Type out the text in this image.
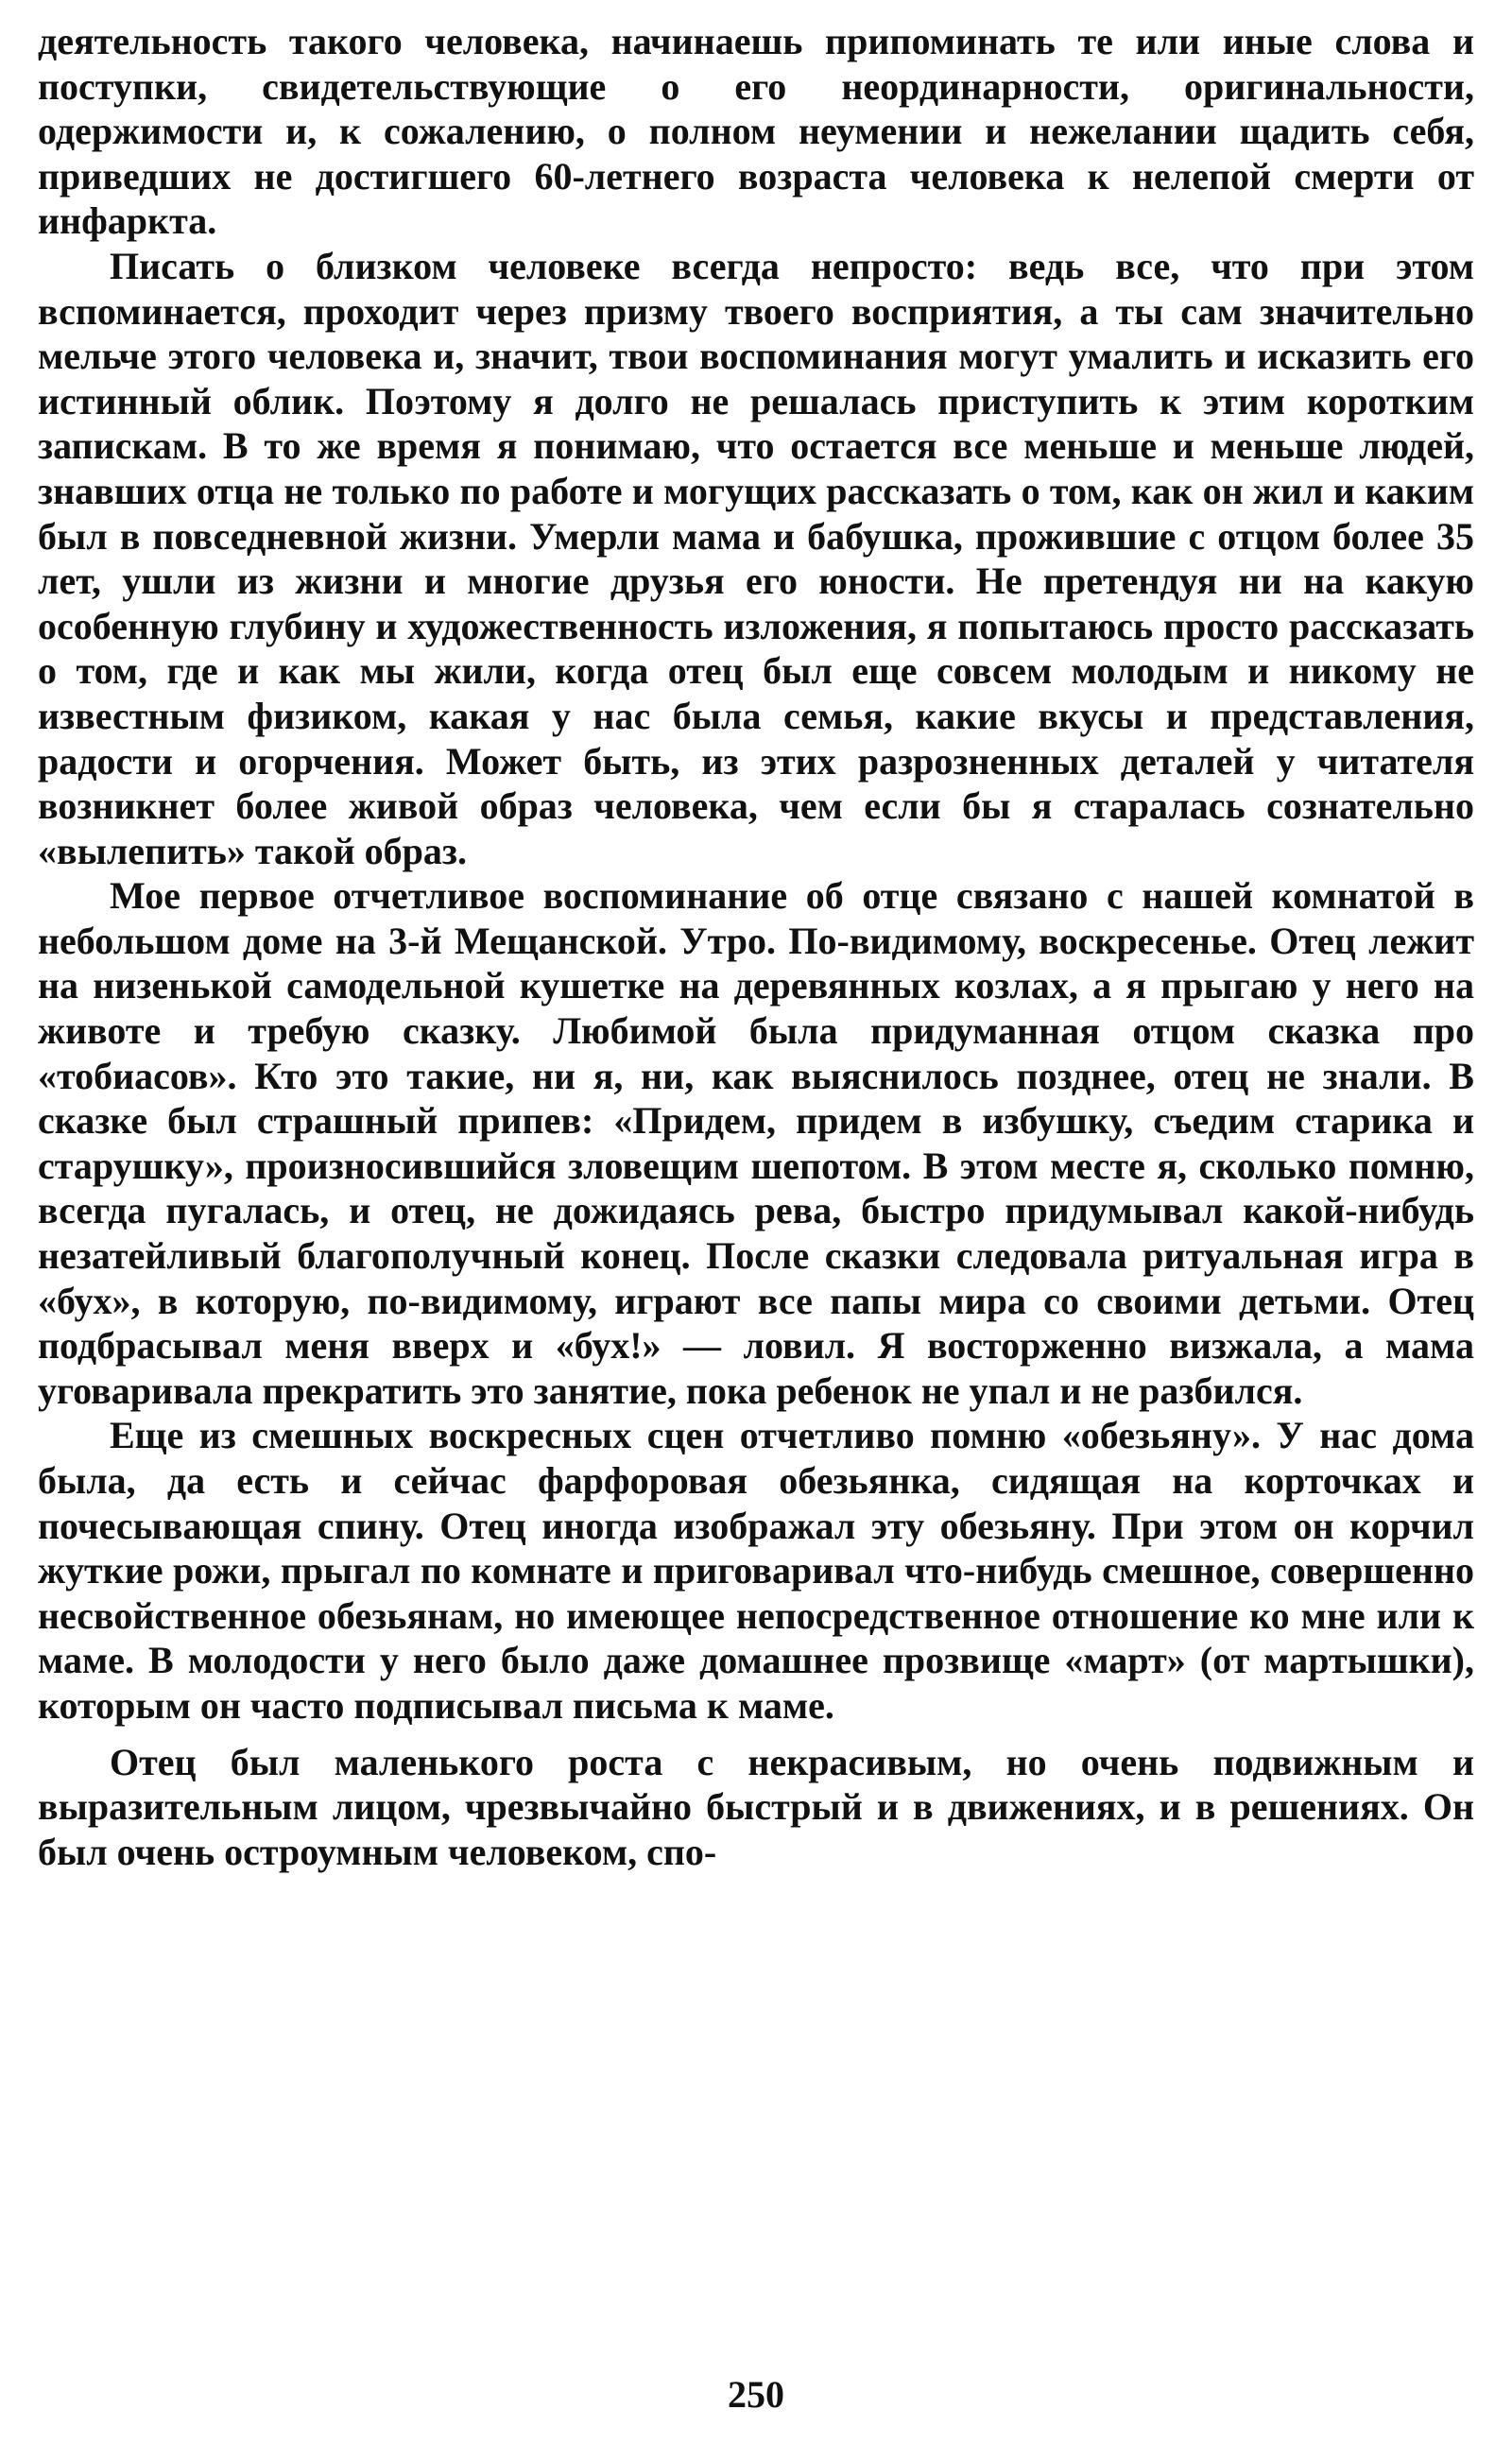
деятельность такого человека, начинаешь припоминать те или иные слова и поступки, свидетельствующие о его неординарности, оригинальности, одержимости и, к сожалению, о полном неумении и нежелании щадить себя, приведших не достигшего 60-летнего возраста человека к нелепой смерти от инфаркта.

Писать о близком человеке всегда непросто: ведь все, что при этом вспоминается, проходит через призму твоего восприятия, а ты сам значительно мельче этого человека и, значит, твои воспоминания могут умалить и исказить его истинный облик. Поэтому я долго не решалась приступить к этим коротким запискам. В то же время я понимаю, что остается все меньше и меньше людей, знавших отца не только по работе и могущих рассказать о том, как он жил и каким был в повседневной жизни. Умерли мама и бабушка, прожившие с отцом более 35 лет, ушли из жизни и многие друзья его юности. Не претендуя ни на какую особенную глубину и художественность изложения, я попытаюсь просто рассказать о том, где и как мы жили, когда отец был еще совсем молодым и никому не известным физиком, какая у нас была семья, какие вкусы и представления, радости и огорчения. Может быть, из этих разрозненных деталей у читателя возникнет более живой образ человека, чем если бы я старалась сознательно «вылепить» такой образ.

Мое первое отчетливое воспоминание об отце связано с нашей комнатой в небольшом доме на 3-й Мещанской. Утро. По-видимому, воскресенье. Отец лежит на низенькой самодельной кушетке на деревянных козлах, а я прыгаю у него на животе и требую сказку. Любимой была придуманная отцом сказка про «тобиасов». Кто это такие, ни я, ни, как выяснилось позднее, отец не знали. В сказке был страшный припев: «Придем, придем в избушку, съедим старика и старушку», произносившийся зловещим шепотом. В этом месте я, сколько помню, всегда пугалась, и отец, не дожидаясь рева, быстро придумывал какой-нибудь незатейливый благополучный конец. После сказки следовала ритуальная игра в «бух», в которую, по-видимому, играют все папы мира со своими детьми. Отец подбрасывал меня вверх и «бух!» — ловил. Я восторженно визжала, а мама уговаривала прекратить это занятие, пока ребенок не упал и не разбился.

Еще из смешных воскресных сцен отчетливо помню «обезьяну». У нас дома была, да есть и сейчас фарфоровая обезьянка, сидящая на корточках и почесывающая спину. Отец иногда изображал эту обезьяну. При этом он корчил жуткие рожи, прыгал по комнате и приговаривал что-нибудь смешное, совершенно несвойственное обезьянам, но имеющее непосредственное отношение ко мне или к маме. В молодости у него было даже домашнее прозвище «март» (от мартышки), которым он часто подписывал письма к маме.

Отец был маленького роста с некрасивым, но очень подвижным и выразительным лицом, чрезвычайно быстрый и в движениях, и в решениях. Он был очень остроумным человеком, спо-

250
